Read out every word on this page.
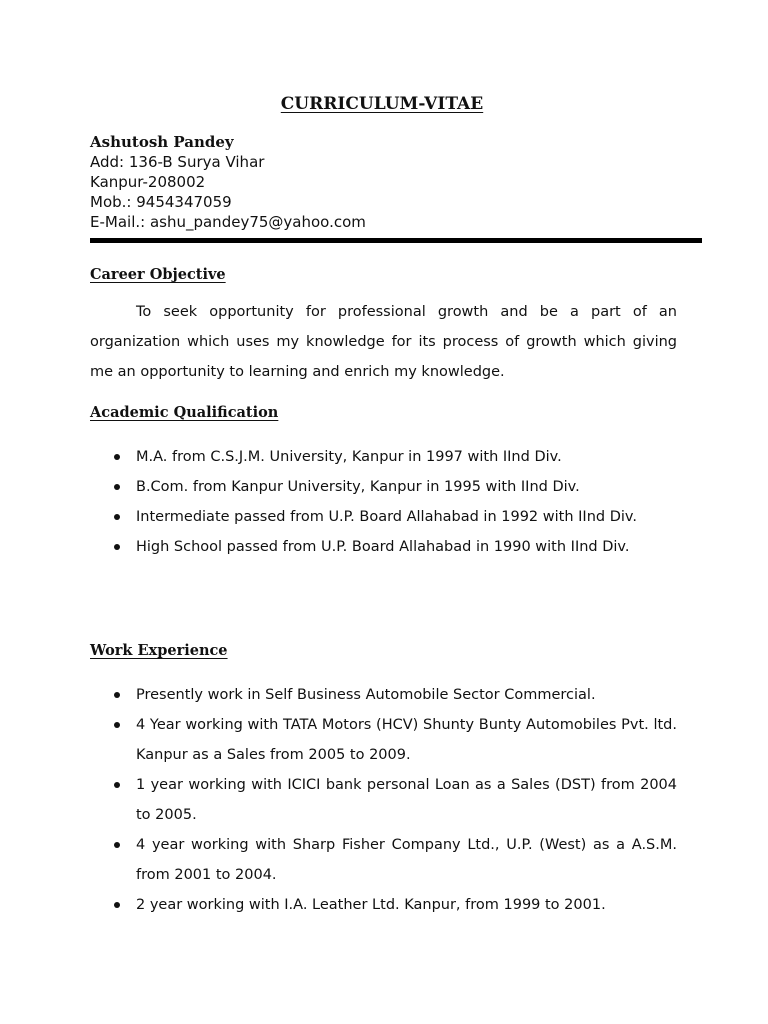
CURRICULUM-VITAE
Ashutosh Pandey
Add: 136-B Surya Vihar
Kanpur-208002
Mob.: 9454347059
E-Mail.: ashu_pandey75@yahoo.com
Career Objective

To seek opportunity for professional growth and be a part of an organization which uses my knowledge for its process of growth which giving me an opportunity to learning and enrich my knowledge.

Academic Qualification
M.A. from C.S.J.M. University, Kanpur in 1997 with IInd Div.
B.Com. from Kanpur University, Kanpur in 1995 with IInd Div.
Intermediate passed from U.P. Board Allahabad in 1992 with IInd Div.
High School passed from U.P. Board Allahabad in 1990 with IInd Div.
Work Experience
Presently work in Self Business Automobile Sector Commercial.
4 Year working with TATA Motors (HCV) Shunty Bunty Automobiles Pvt. ltd. Kanpur as a Sales from 2005 to 2009.
1 year working with ICICI bank personal Loan as a Sales (DST) from 2004 to 2005.
4 year working with Sharp Fisher Company Ltd., U.P. (West) as a A.S.M. from 2001 to 2004.
2 year working with I.A. Leather Ltd. Kanpur, from 1999 to 2001.
